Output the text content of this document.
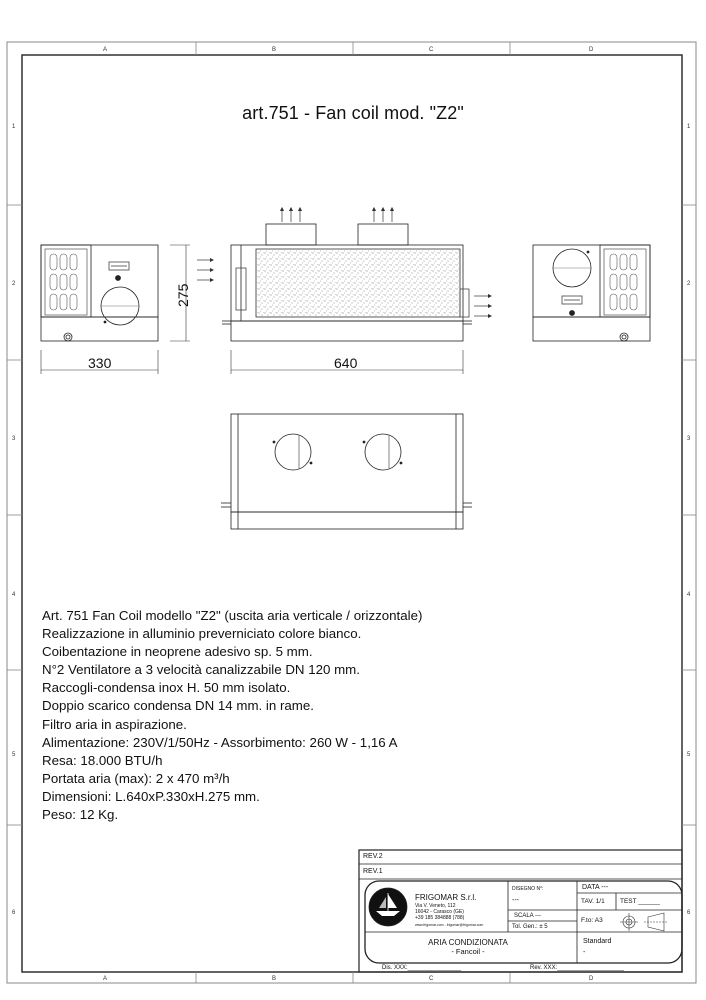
A	B	C	D
A	B	C	D
1
2
3
4
5
6
1
2
3
4
5
6
275
330	640
art.751 - Fan coil mod. "Z2"
Art. 751 Fan Coil modello "Z2" (uscita aria verticale / orizzontale)
Realizzazione in alluminio preverniciato colore bianco.
Coibentazione in neoprene adesivo sp. 5 mm.
N°2 Ventilatore a 3 velocità canalizzabile DN 120 mm.
Raccogli-condensa inox H. 50 mm isolato.
Doppio scarico condensa DN 14 mm. in rame.
Filtro aria in aspirazione.
Alimentazione: 230V/1/50Hz - Assorbimento: 260 W - 1,16 A
Resa: 18.000 BTU/h
Portata aria (max): 2 x 470 m³/h
Dimensioni: L.640xP.330xH.275 mm.
Peso: 12 Kg.
REV.2
REV.1
FRIGOMAR S.r.l.
Via V. Veneto, 112
16042 - Carasco (GE)
+39 185 384888 (788)
www.frigomar.com - frigomar@frigomar.com
DISEGNO N°:
---
SCALA ---
Tol. Gen.: ± 5
DATA ---
TAV. 1/1 TEST ______
F.to: A3
ARIA CONDIZIONATA
- Fancoil -
Standard
-
Dis. XXX:________________	Rev. XXX:____________________
